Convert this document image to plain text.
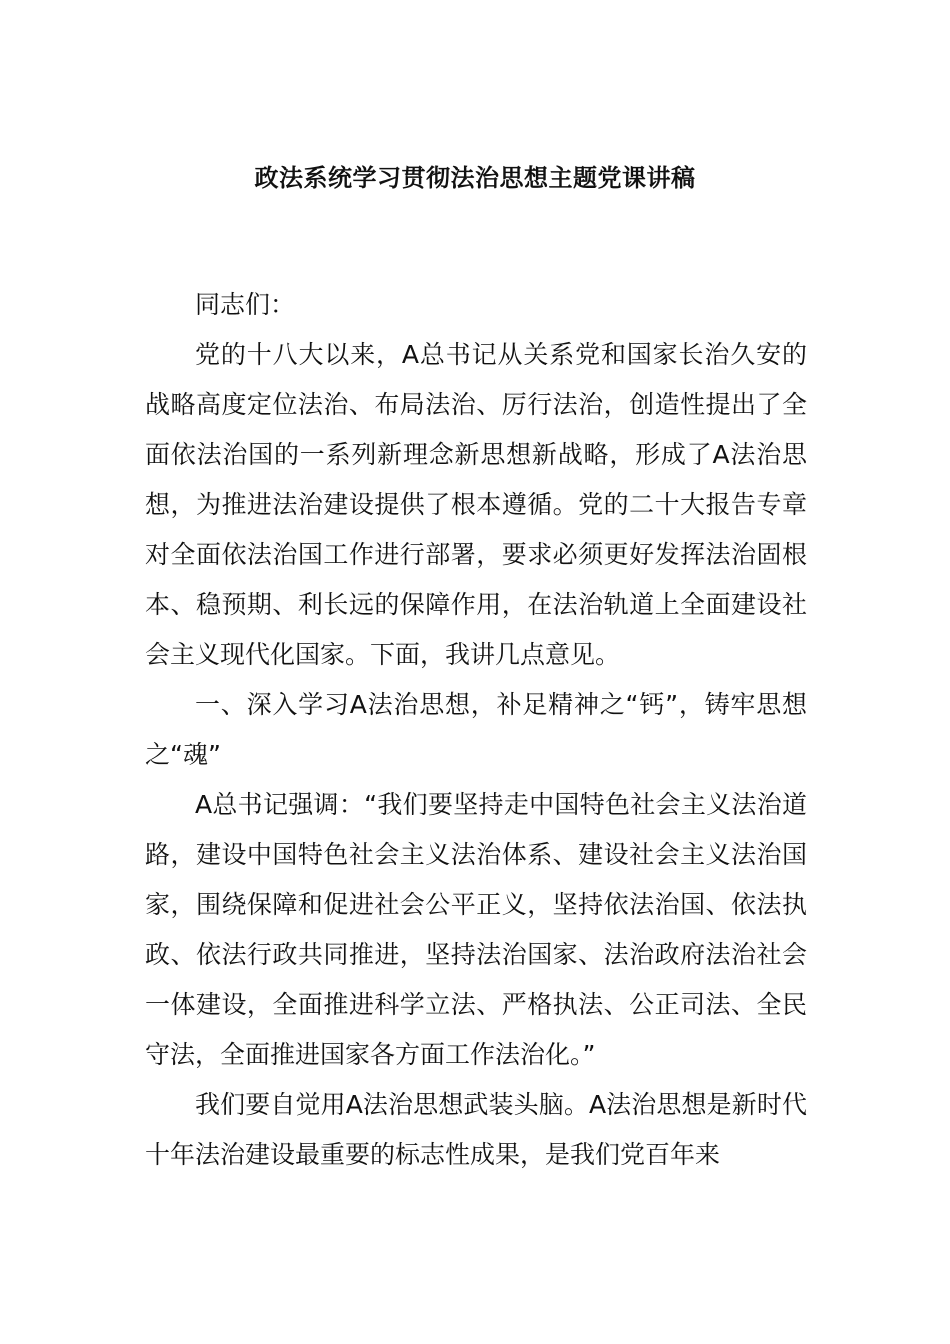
政法系统学习贯彻法治思想主题党课讲稿

同志们：

党的十八大以来，A总书记从关系党和国家长治久安的战略高度定位法治、布局法治、厉行法治，创造性提出了全面依法治国的一系列新理念新思想新战略，形成了A法治思想，为推进法治建设提供了根本遵循。党的二十大报告专章对全面依法治国工作进行部署，要求必须更好发挥法治固根本、稳预期、利长远的保障作用，在法治轨道上全面建设社会主义现代化国家。下面，我讲几点意见。

一、深入学习A法治思想，补足精神之“钙”，铸牢思想之“魂”

A总书记强调：“我们要坚持走中国特色社会主义法治道路，建设中国特色社会主义法治体系、建设社会主义法治国家，围绕保障和促进社会公平正义，坚持依法治国、依法执政、依法行政共同推进，坚持法治国家、法治政府法治社会一体建设，全面推进科学立法、严格执法、公正司法、全民守法，全面推进国家各方面工作法治化。”

我们要自觉用A法治思想武装头脑。A法治思想是新时代十年法治建设最重要的标志性成果，是我们党百年来
